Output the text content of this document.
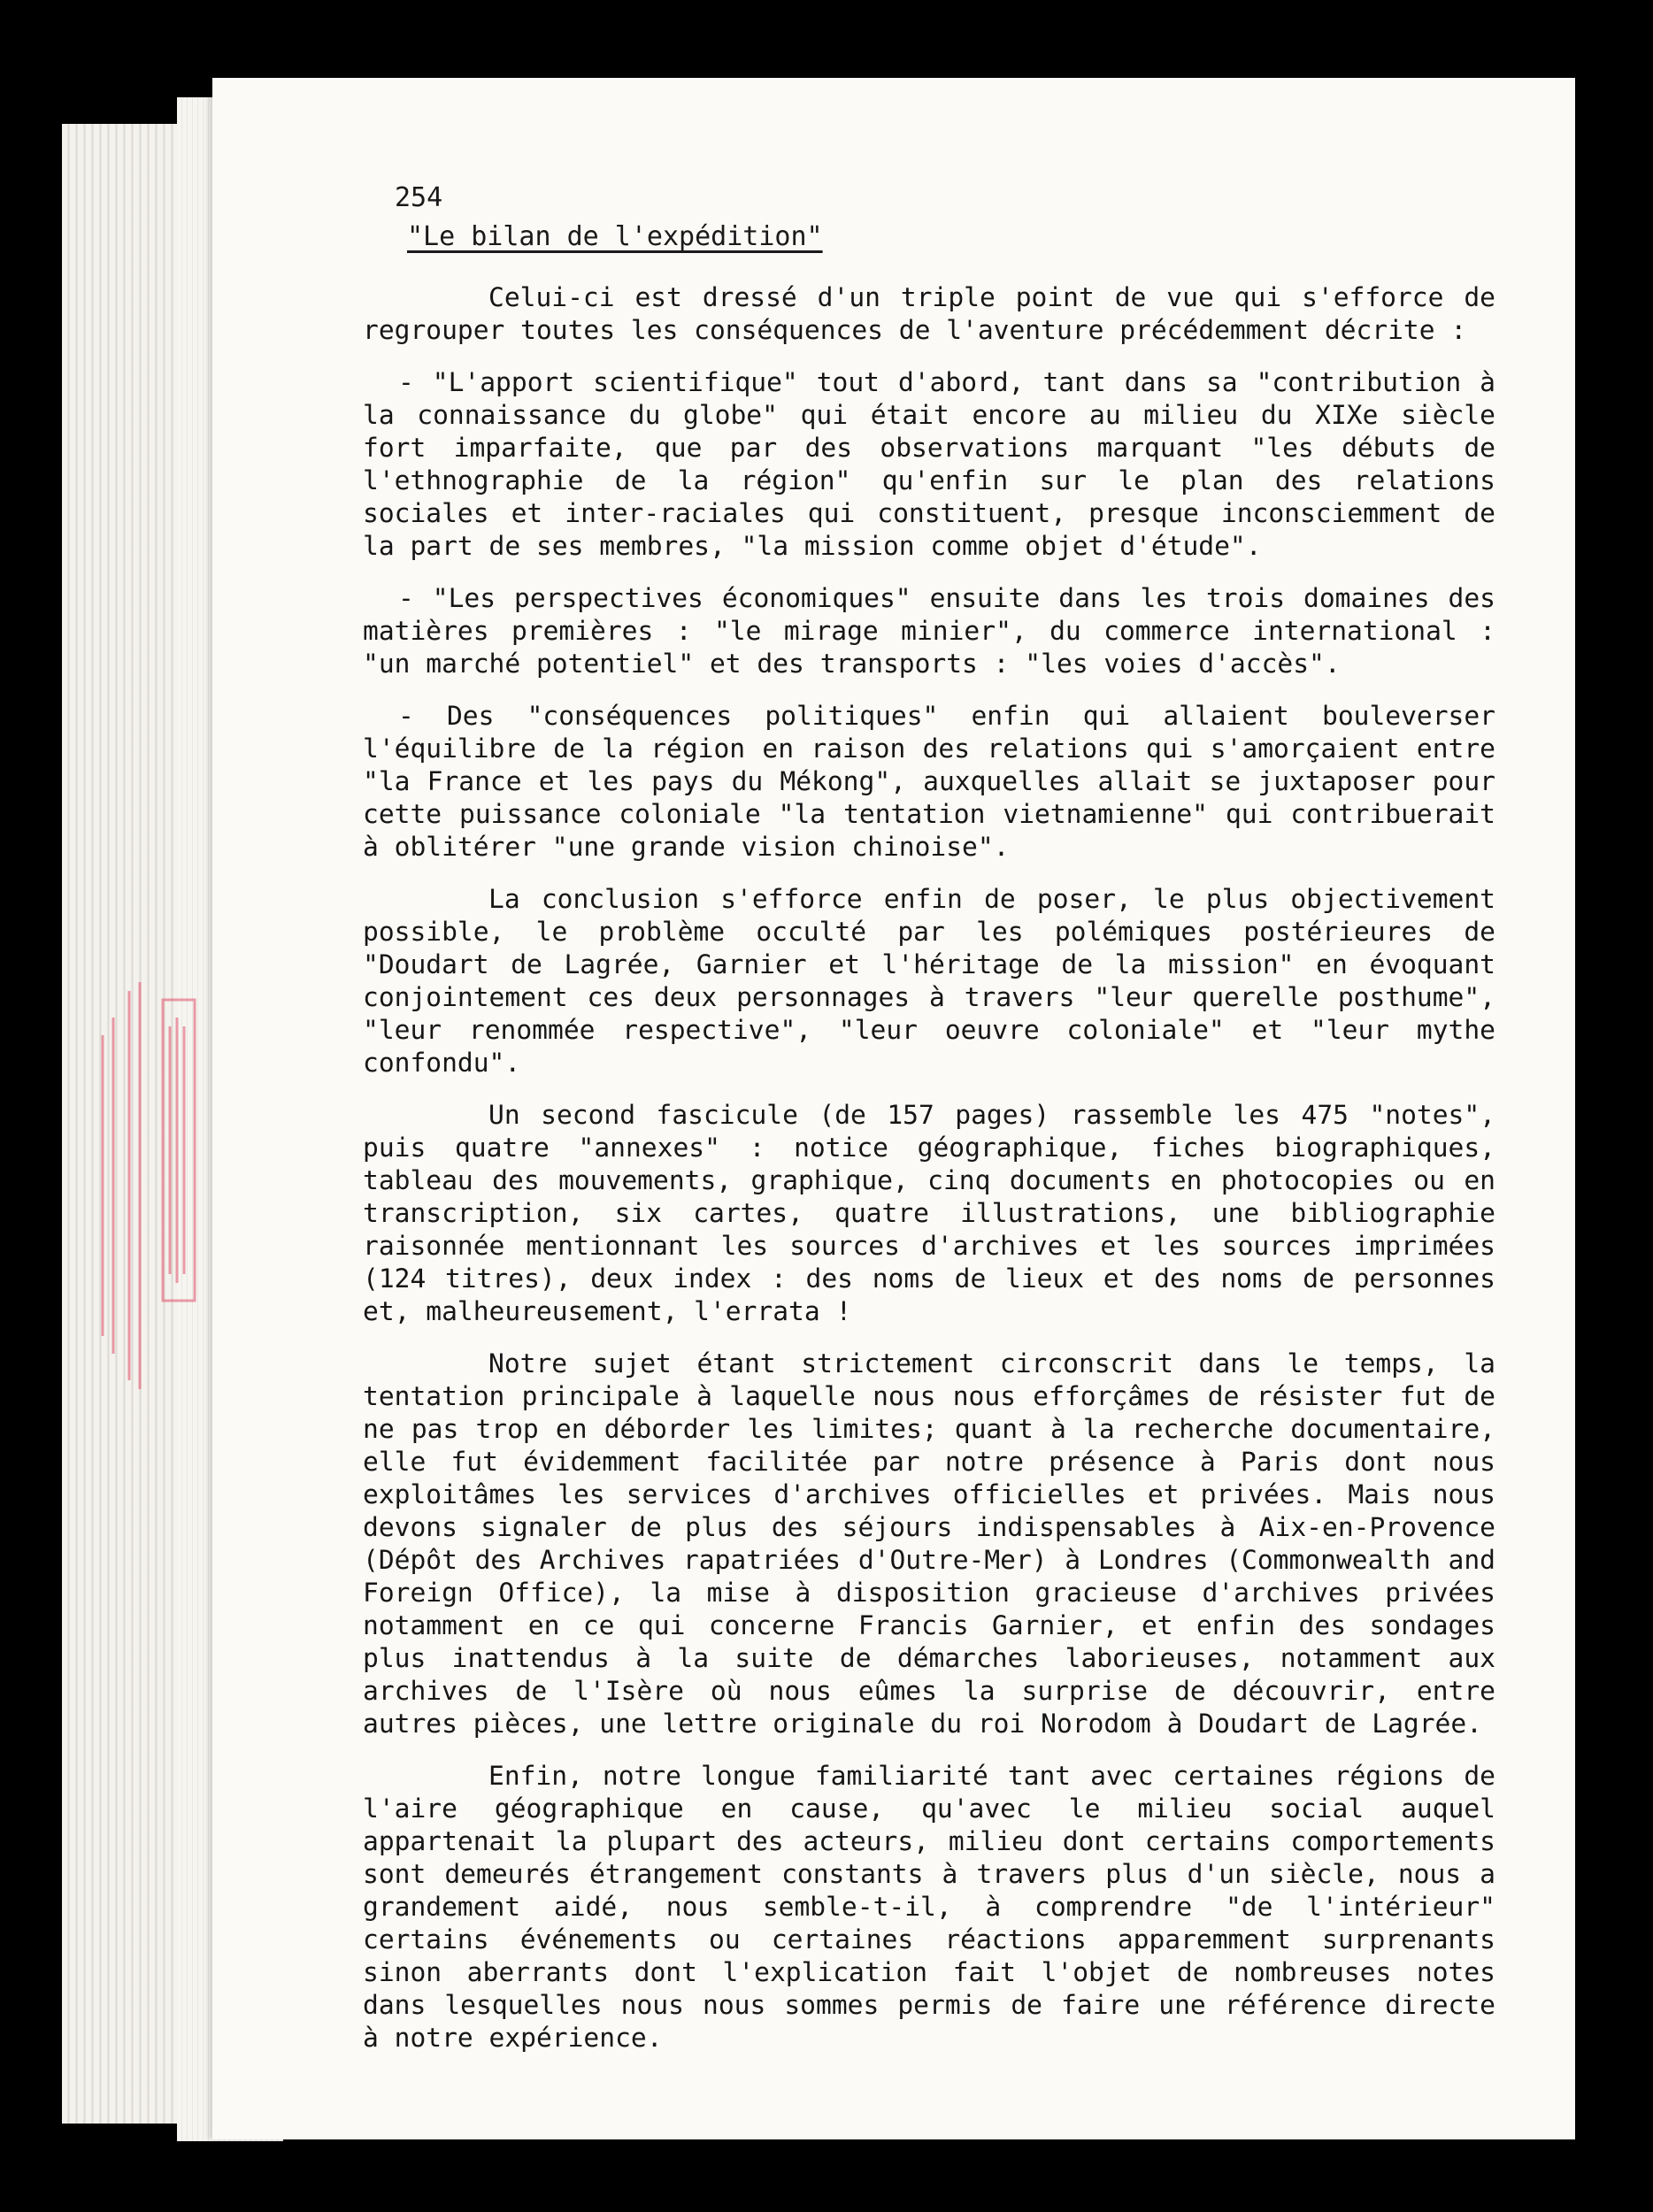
254
"Le bilan de l'expédition"

Celui-ci est dressé d'un triple point de vue qui s'efforce de regrouper toutes les conséquences de l'aventure précédemment décrite :

- "L'apport scientifique" tout d'abord, tant dans sa "contribution à la connaissance du globe" qui était encore au milieu du XIXe siècle fort imparfaite, que par des observations marquant "les débuts de l'ethnographie de la région" qu'enfin sur le plan des relations sociales et inter-raciales qui constituent, presque inconsciemment de la part de ses membres, "la mission comme objet d'étude".

- "Les perspectives économiques" ensuite dans les trois domaines des matières premières : "le mirage minier", du commerce international : "un marché potentiel" et des transports : "les voies d'accès".

- Des "conséquences politiques" enfin qui allaient bouleverser l'équilibre de la région en raison des relations qui s'amorçaient entre "la France et les pays du Mékong", auxquelles allait se juxtaposer pour cette puissance coloniale "la tentation vietnamienne" qui contribuerait à oblitérer "une grande vision chinoise".

La conclusion s'efforce enfin de poser, le plus objectivement possible, le problème occulté par les polémiques postérieures de "Doudart de Lagrée, Garnier et l'héritage de la mission" en évoquant conjointement ces deux personnages à travers "leur querelle posthume", "leur renommée respective", "leur oeuvre coloniale" et "leur mythe confondu".

Un second fascicule (de 157 pages) rassemble les 475 "notes", puis quatre "annexes" : notice géographique, fiches biographiques, tableau des mouvements, graphique, cinq documents en photocopies ou en transcription, six cartes, quatre illustrations, une bibliographie raisonnée mentionnant les sources d'archives et les sources imprimées (124 titres), deux index : des noms de lieux et des noms de personnes et, malheureusement, l'errata !

Notre sujet étant strictement circonscrit dans le temps, la tentation principale à laquelle nous nous efforçâmes de résister fut de ne pas trop en déborder les limites; quant à la recherche documentaire, elle fut évidemment facilitée par notre présence à Paris dont nous exploitâmes les services d'archives officielles et privées. Mais nous devons signaler de plus des séjours indispensables à Aix-en-Provence (Dépôt des Archives rapatriées d'Outre-Mer) à Londres (Commonwealth and Foreign Office), la mise à disposition gracieuse d'archives privées notamment en ce qui concerne Francis Garnier, et enfin des sondages plus inattendus à la suite de démarches laborieuses, notamment aux archives de l'Isère où nous eûmes la surprise de découvrir, entre autres pièces, une lettre originale du roi Norodom à Doudart de Lagrée.

Enfin, notre longue familiarité tant avec certaines régions de l'aire géographique en cause, qu'avec le milieu social auquel appartenait la plupart des acteurs, milieu dont certains comportements sont demeurés étrangement constants à travers plus d'un siècle, nous a grandement aidé, nous semble-t-il, à comprendre "de l'intérieur" certains événements ou certaines réactions apparemment surprenants sinon aberrants dont l'explication fait l'objet de nombreuses notes dans lesquelles nous nous sommes permis de faire une référence directe à notre expérience.
